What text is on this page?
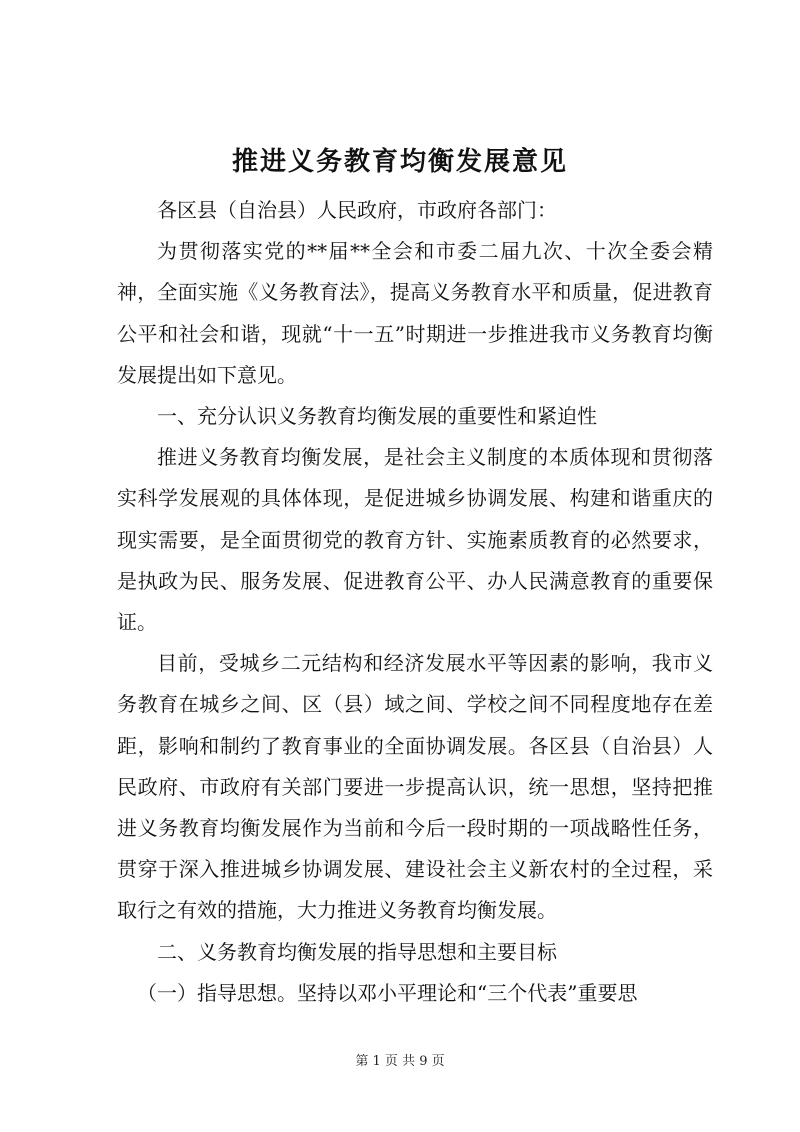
推进义务教育均衡发展意见

各区县（自治县）人民政府，市政府各部门：

为贯彻落实党的**届**全会和市委二届九次、十次全委会精神，全面实施《义务教育法》，提高义务教育水平和质量，促进教育公平和社会和谐，现就“十一五”时期进一步推进我市义务教育均衡发展提出如下意见。

一、充分认识义务教育均衡发展的重要性和紧迫性

推进义务教育均衡发展，是社会主义制度的本质体现和贯彻落实科学发展观的具体体现，是促进城乡协调发展、构建和谐重庆的现实需要，是全面贯彻党的教育方针、实施素质教育的必然要求，是执政为民、服务发展、促进教育公平、办人民满意教育的重要保证。

目前，受城乡二元结构和经济发展水平等因素的影响，我市义务教育在城乡之间、区（县）域之间、学校之间不同程度地存在差距，影响和制约了教育事业的全面协调发展。各区县（自治县）人民政府、市政府有关部门要进一步提高认识，统一思想，坚持把推进义务教育均衡发展作为当前和今后一段时期的一项战略性任务，贯穿于深入推进城乡协调发展、建设社会主义新农村的全过程，采取行之有效的措施，大力推进义务教育均衡发展。

二、义务教育均衡发展的指导思想和主要目标

（一）指导思想。坚持以邓小平理论和“三个代表”重要思

第 1 页 共 9 页
